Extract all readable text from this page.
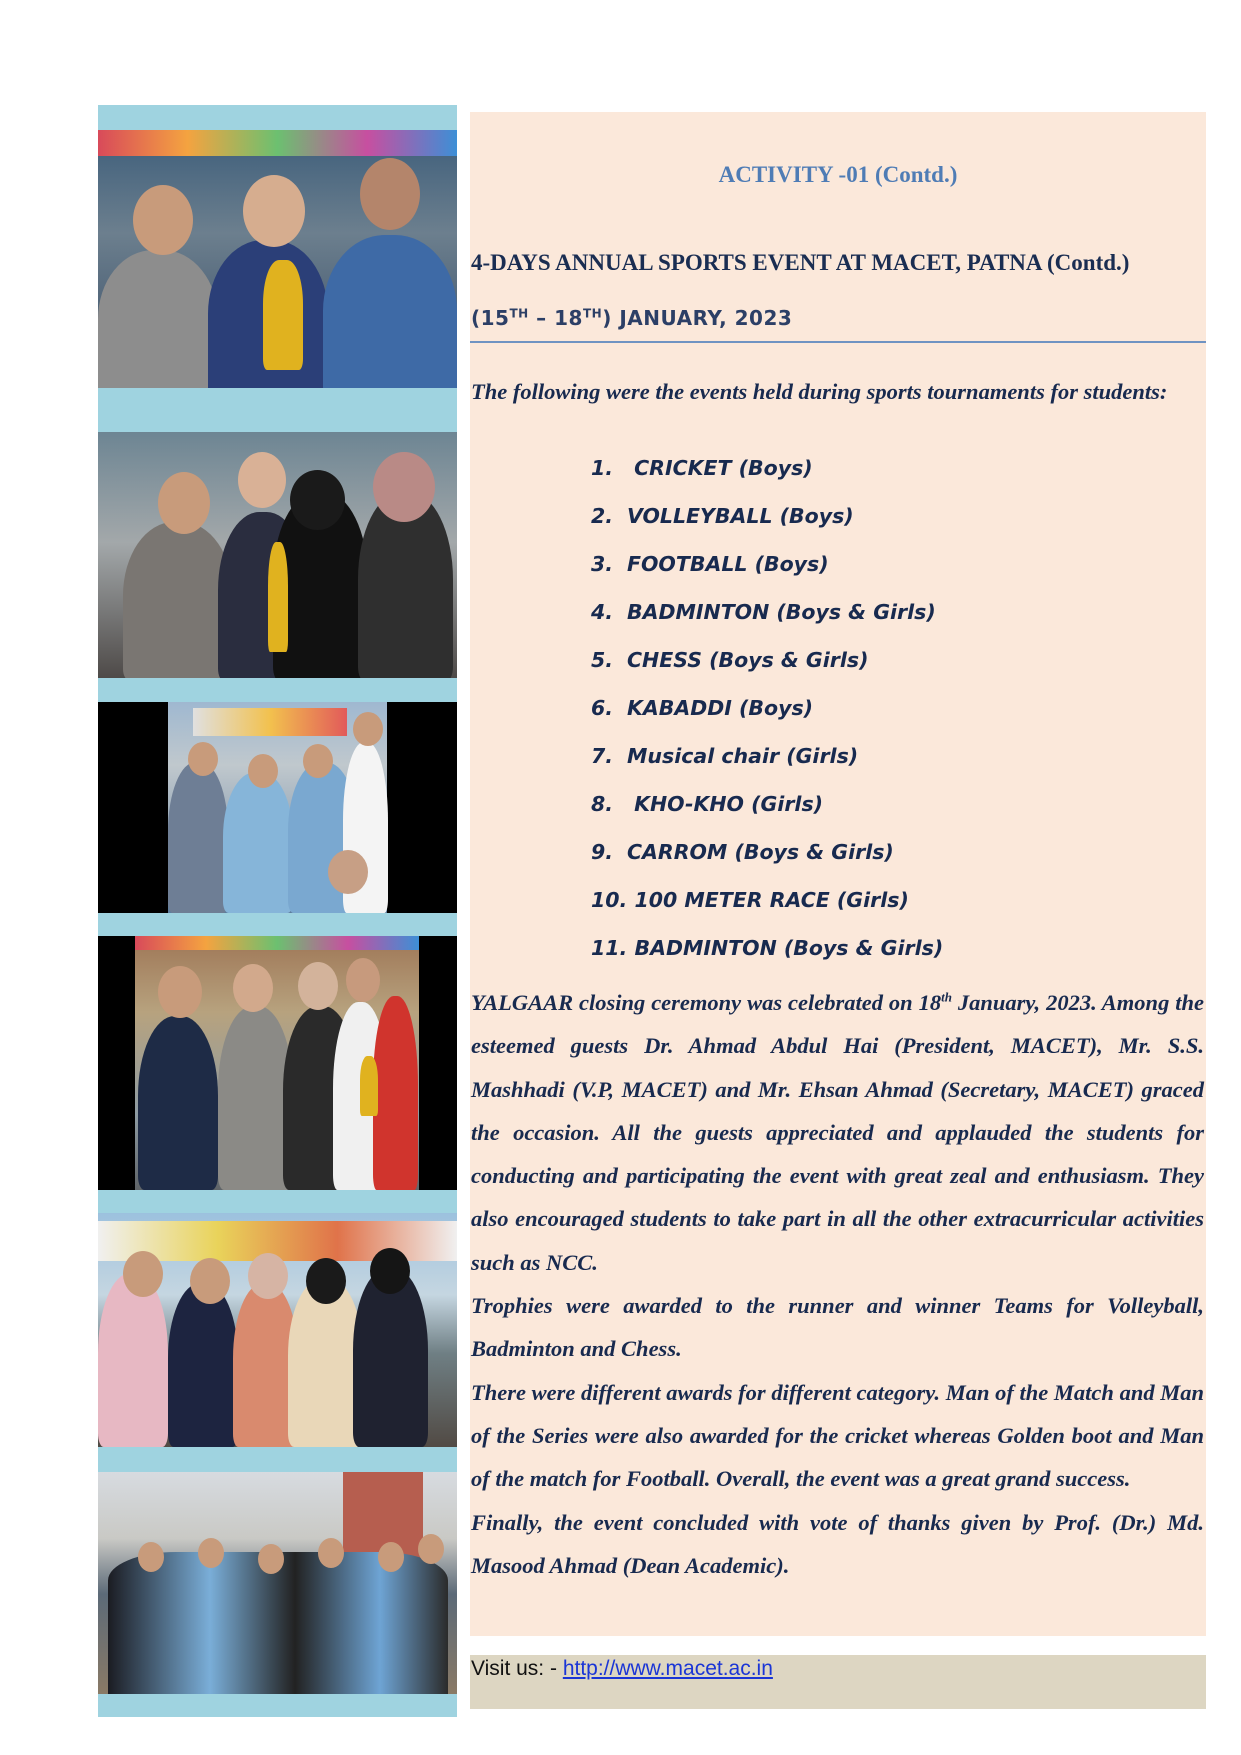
ACTIVITY -01 (Contd.)
4-DAYS ANNUAL SPORTS EVENT AT MACET, PATNA (Contd.)
(15TH – 18TH) JANUARY, 2023
The following were the events held during sports tournaments for students:
1. CRICKET (Boys)
2. VOLLEYBALL (Boys)
3. FOOTBALL (Boys)
4. BADMINTON (Boys & Girls)
5. CHESS (Boys & Girls)
6. KABADDI (Boys)
7. Musical chair (Girls)
8. KHO-KHO (Girls)
9. CARROM (Boys & Girls)
10. 100 METER RACE (Girls)
11. BADMINTON (Boys & Girls)

YALGAAR closing ceremony was celebrated on 18th January, 2023. Among the esteemed guests Dr. Ahmad Abdul Hai (President, MACET), Mr. S.S. Mashhadi (V.P, MACET) and Mr. Ehsan Ahmad (Secretary, MACET) graced the occasion. All the guests appreciated and applauded the students for conducting and participating the event with great zeal and enthusiasm. They also encouraged students to take part in all the other extracurricular activities such as NCC.

Trophies were awarded to the runner and winner Teams for Volleyball, Badminton and Chess.

There were different awards for different category. Man of the Match and Man of the Series were also awarded for the cricket whereas Golden boot and Man of the match for Football. Overall, the event was a great grand success.

Finally, the event concluded with vote of thanks given by Prof. (Dr.) Md. Masood Ahmad (Dean Academic).

Visit us: - http://www.macet.ac.in
